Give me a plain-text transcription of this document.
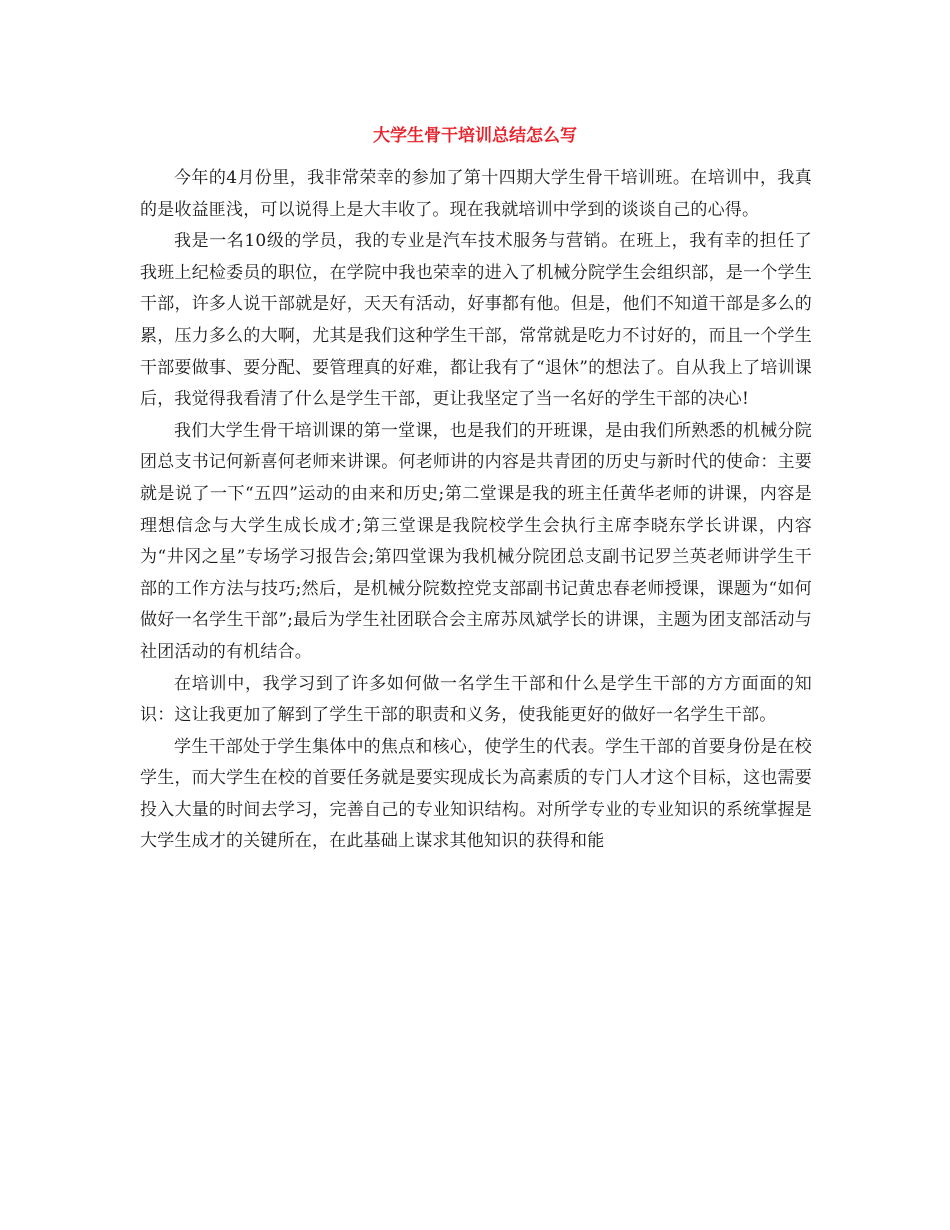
大学生骨干培训总结怎么写

今年的4月份里，我非常荣幸的参加了第十四期大学生骨干培训班。在培训中，我真的是收益匪浅，可以说得上是大丰收了。现在我就培训中学到的谈谈自己的心得。

我是一名10级的学员，我的专业是汽车技术服务与营销。在班上，我有幸的担任了我班上纪检委员的职位，在学院中我也荣幸的进入了机械分院学生会组织部，是一个学生干部，许多人说干部就是好，天天有活动，好事都有他。但是，他们不知道干部是多么的累，压力多么的大啊，尤其是我们这种学生干部，常常就是吃力不讨好的，而且一个学生干部要做事、要分配、要管理真的好难，都让我有了“退休”的想法了。自从我上了培训课后，我觉得我看清了什么是学生干部，更让我坚定了当一名好的学生干部的决心!

我们大学生骨干培训课的第一堂课，也是我们的开班课，是由我们所熟悉的机械分院团总支书记何新喜何老师来讲课。何老师讲的内容是共青团的历史与新时代的使命：主要就是说了一下“五四”运动的由来和历史;第二堂课是我的班主任黄华老师的讲课，内容是理想信念与大学生成长成才;第三堂课是我院校学生会执行主席李晓东学长讲课，内容为“井冈之星”专场学习报告会;第四堂课为我机械分院团总支副书记罗兰英老师讲学生干部的工作方法与技巧;然后，是机械分院数控党支部副书记黄忠春老师授课，课题为“如何做好一名学生干部”;最后为学生社团联合会主席苏凤斌学长的讲课，主题为团支部活动与社团活动的有机结合。

在培训中，我学习到了许多如何做一名学生干部和什么是学生干部的方方面面的知识：这让我更加了解到了学生干部的职责和义务，使我能更好的做好一名学生干部。

学生干部处于学生集体中的焦点和核心，使学生的代表。学生干部的首要身份是在校学生，而大学生在校的首要任务就是要实现成长为高素质的专门人才这个目标，这也需要投入大量的时间去学习，完善自己的专业知识结构。对所学专业的专业知识的系统掌握是大学生成才的关键所在，在此基础上谋求其他知识的获得和能
